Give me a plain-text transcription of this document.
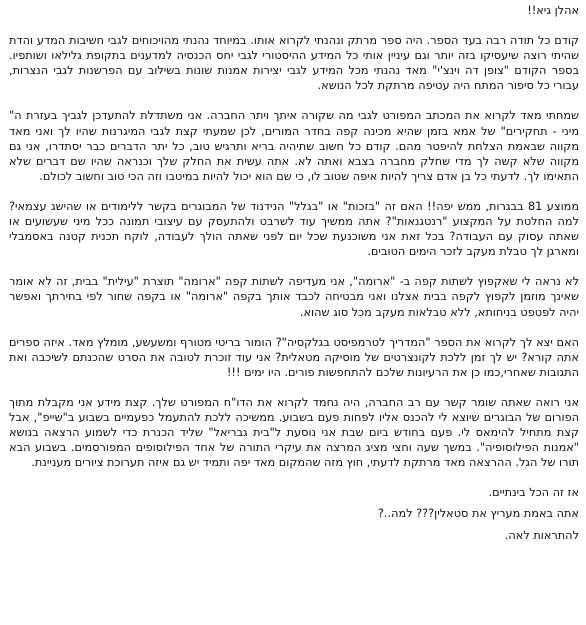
אהלן גיא!!

קודם כל תודה רבה בעד הספר. היה ספר מרתק ונהנתי לקרוא אותו. במיוחד נהנתי מהויכוחים לגבי חשיבות המדע והדת שהיתי רוצה שיעסיקו בזה יותר וגם עיניין אותי כל המידע ההיסטורי לגבי יחס הכנסיה למדענים בתקופת גלילאו ושותפיו. בספר הקודם "צופן דה וינצ'י" מאד נהנתי מכל המידע לגבי יצירות אמנות שונות בשילוב עם הפרשנות לגבי הנצרות, עבורי כל סיפור המתח היה עטיפה מרתקת לכל הנושא.

שמחתי מאד לקרוא את המכתב המפורט לגבי מה שקורה איתך ויתר החברה. אני משתדלת להתעדכן לגביך בעזרת ה" מיני - תחקירים" של אמא בזמן שהיא מכינה קפה בחדר המורים, לכן שמעתי קצת לגבי המיגרנות שהיו לך ואני מאד מקווה שבאמת הצלחת להיפטר מהם. קודם כל חשוב שתיהיה בריא ותרגיש טוב, כל יתר הדברים כבר יסתדרו, אני גם מקווה שלא קשה לך מדי שחלק מחברה בצבא ואתה לא. אתה עשית את החלק שלך וכנראה שהיו שם דברים שלא התאימו לך. לדעתי כל בן אדם צריך להיות איפה שטוב לו, כי שם הוא יכול להיות במיטבו וזה הכי טוב וחשוב לכולם.

ממוצע 81 בבגרות, ממש יפה!! האם זה "בזכות" או "בגלל" הנידנוד של המבוגרים בקשר ללימודים או שהישג עצמאי? למה החלטת על המקצוע "רנטגנאות"? אתה ממשיך עוד לשרבט ולהתעסק עם עיצובי תמונה ככל מיני שעשועים או שאתה עסוק עם העבודה? בכל זאת אני משוכנעת שכל יום לפני שאתה הולך לעבודה, לוקח תכנית קטנה באסמבלי ומארגן לך טבלת מעקב לזכר הימים הטובים.

לא נראה לי שאקפוץ לשתות קפה ב- "ארומה", אני מעדיפה לשתות קפה "ארומה" תוצרת "עילית" בבית, זה לא אומר שאינך מוזמן לקפוץ לקפה בבית אצלנו ואני מבטיחה לכבד אותך בקפה "ארומה" או בקפה שחור לפי בחירתך ואפשר יהיה לפטפט בניחותא, ללא טבלאות מעקב מכל סוג שהוא.

האם יצא לך לקרוא את הספר "המדריך לטרמפיסט בגלקסיה"? הומור בריטי מטורף ומשעשע, מומלץ מאד. איזה ספרים אתה קורא? יש לך זמן ללכת לקונצרטים של מוסיקה מטאלית? אני עוד זוכרת לטובה את הסרט שהכנתם לשיכבה ואת התגובות שאחרי,כמו כן את הרעיונות שלכם להתחפשות פורים. היו ימים !!!

אני רואה שאתה שומר קשר עם רב החברה, היה נחמד לקרוא את הדו"ח המפורט שלך. קצת מידע אני מקבלת מתוך הפורום של הבוגרים שיוצא לי להכנס אליו לפחות פעם בשבוע. ממשיכה ללכת להתעמל כפעמיים בשבוע ב"שייפ", אבל קצת מתחיל להימאס לי. פעם בחודש ביום שבת אני נוסעת ל"בית גבריאל" שליד הכנרת כדי לשמוע הרצאה בנושא "אמנות הפילוסופיה". במשך שעה וחצי מציג המרצה את עיקרי התורה של אחד הפילוסופים המפורסמים. בשבוע הבא תורו של הגל. ההרצאה מאד מרתקת לדעתי, חוץ מזה שהמקום מאד יפה ותמיד יש גם איזה תערוכת ציורים מעניינת.

אז זה הכל בינתיים.

אתה באמת מעריץ את סטאלין??? למה..?

להתראות לאה.
